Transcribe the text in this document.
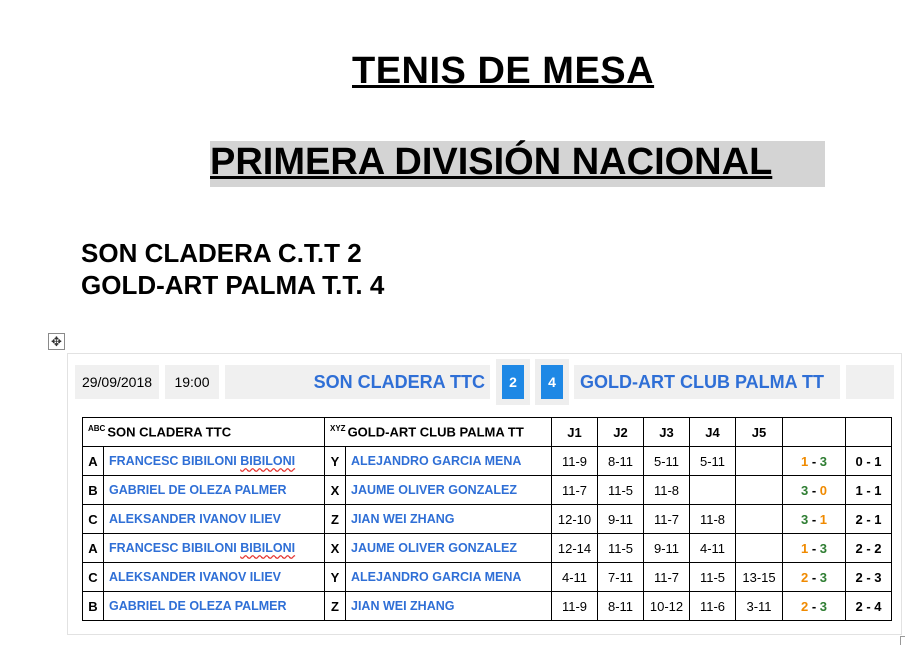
TENIS DE MESA
PRIMERA DIVISIÓN NACIONAL
SON CLADERA C.T.T 2
GOLD-ART PALMA T.T. 4
✥
29/09/2018	19:00	SON CLADERA TTC	2	4	GOLD-ART CLUB PALMA TT
$^{ABC}$ SON CLADERA TTC		$^{XYZ}$ GOLD-ART CLUB PALMA TT		J1	J2	J3	J4	J5		
A	FRANCESC BIBILONI BIBILONI	Y	ALEJANDRO GARCIA MENA	11-9	8-11	5-11	5-11		1 - 3	0 - 1
B	GABRIEL DE OLEZA PALMER	X	JAUME OLIVER GONZALEZ	11-7	11-5	11-8			3 - 0	1 - 1
C	ALEKSANDER IVANOV ILIEV	Z	JIAN WEI ZHANG	12-10	9-11	11-7	11-8		3 - 1	2 - 1
A	FRANCESC BIBILONI BIBILONI	X	JAUME OLIVER GONZALEZ	12-14	11-5	9-11	4-11		1 - 3	2 - 2
C	ALEKSANDER IVANOV ILIEV	Y	ALEJANDRO GARCIA MENA	4-11	7-11	11-7	11-5	13-15	2 - 3	2 - 3
B	GABRIEL DE OLEZA PALMER	Z	JIAN WEI ZHANG	11-9	8-11	10-12	11-6	3-11	2 - 3	2 - 4
